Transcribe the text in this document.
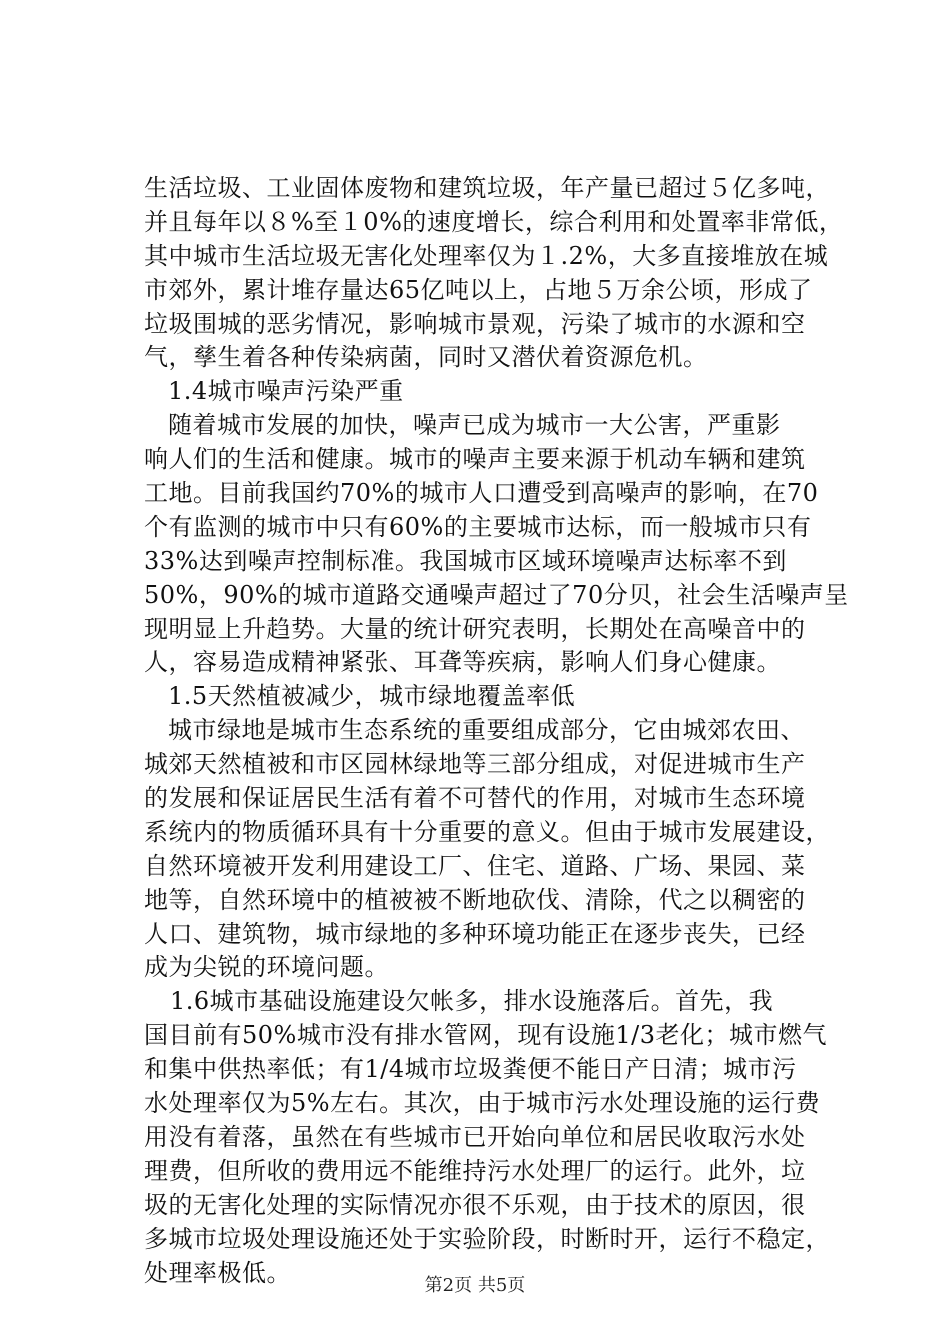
生活垃圾、工业固体废物和建筑垃圾，年产量已超过５亿多吨，
并且每年以８%至１0%的速度增长，综合利用和处置率非常低，
其中城市生活垃圾无害化处理率仅为１.2%，大多直接堆放在城
市郊外，累计堆存量达65亿吨以上，占地５万余公顷，形成了
垃圾围城的恶劣情况，影响城市景观，污染了城市的水源和空
气，孳生着各种传染病菌，同时又潜伏着资源危机。
1.4城市噪声污染严重
随着城市发展的加快，噪声已成为城市一大公害，严重影
响人们的生活和健康。城市的噪声主要来源于机动车辆和建筑
工地。目前我国约70%的城市人口遭受到高噪声的影响，在70
个有监测的城市中只有60%的主要城市达标，而一般城市只有
33%达到噪声控制标准。我国城市区域环境噪声达标率不到
50%，90%的城市道路交通噪声超过了70分贝，社会生活噪声呈
现明显上升趋势。大量的统计研究表明，长期处在高噪音中的
人，容易造成精神紧张、耳聋等疾病，影响人们身心健康。
1.5天然植被减少，城市绿地覆盖率低
城市绿地是城市生态系统的重要组成部分，它由城郊农田、
城郊天然植被和市区园林绿地等三部分组成，对促进城市生产
的发展和保证居民生活有着不可替代的作用，对城市生态环境
系统内的物质循环具有十分重要的意义。但由于城市发展建设，
自然环境被开发利用建设工厂、住宅、道路、广场、果园、菜
地等，自然环境中的植被被不断地砍伐、清除，代之以稠密的
人口、建筑物，城市绿地的多种环境功能正在逐步丧失，已经
成为尖锐的环境问题。
1.6城市基础设施建设欠帐多，排水设施落后。首先，我
国目前有50%城市没有排水管网，现有设施1/3老化；城市燃气
和集中供热率低；有1/4城市垃圾粪便不能日产日清；城市污
水处理率仅为5%左右。其次，由于城市污水处理设施的运行费
用没有着落，虽然在有些城市已开始向单位和居民收取污水处
理费，但所收的费用远不能维持污水处理厂的运行。此外，垃
圾的无害化处理的实际情况亦很不乐观，由于技术的原因，很
多城市垃圾处理设施还处于实验阶段，时断时开，运行不稳定，
处理率极低。	第2页 共5页
